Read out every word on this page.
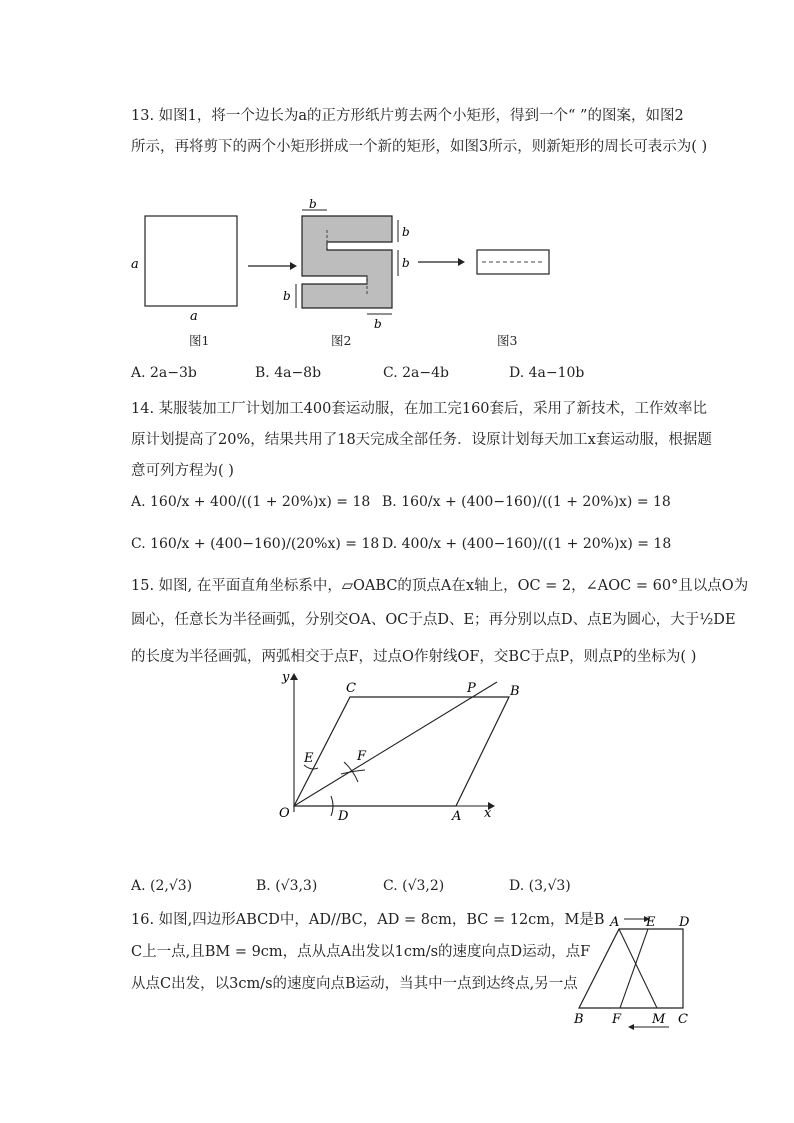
13. 如图1，将一个边长为a的正方形纸片剪去两个小矩形，得到一个“ ”的图案，如图2
所示，再将剪下的两个小矩形拼成一个新的矩形，如图3所示，则新矩形的周长可表示为( )
a
a
b
b
b
b
b
图1	图2	图3
A. 2a−3b	B. 4a−8b	C. 2a−4b	D. 4a−10b
14. 某服装加工厂计划加工400套运动服，在加工完160套后，采用了新技术，工作效率比
原计划提高了20%，结果共用了18天完成全部任务．设原计划每天加工x套运动服，根据题
意可列方程为( )
A. 160/x + 400/((1 + 20%)x) = 18 B. 160/x + (400−160)/((1 + 20%)x) = 18
C. 160/x + (400−160)/(20%x) = 18 D. 400/x + (400−160)/((1 + 20%)x) = 18
15. 如图, 在平面直角坐标系中，▱OABC的顶点A在x轴上，OC = 2，∠AOC = 60°且以点O为
圆心，任意长为半径画弧，分别交OA、OC于点D、E；再分别以点D、点E为圆心，大于½DE
的长度为半径画弧，两弧相交于点F，过点O作射线OF，交BC于点P，则点P的坐标为( )
y
x
O	A
B
C
D
E	F
P
A. (2,√3)	B. (√3,3)	C. (√3,2)	D. (3,√3)
16. 如图,四边形ABCD中，AD//BC，AD = 8cm，BC = 12cm，M是B
C上一点,且BM = 9cm，点从点A出发以1cm/s的速度向点D运动，点F
从点C出发，以3cm/s的速度向点B运动，当其中一点到达终点,另一点
A E D
B F M C
